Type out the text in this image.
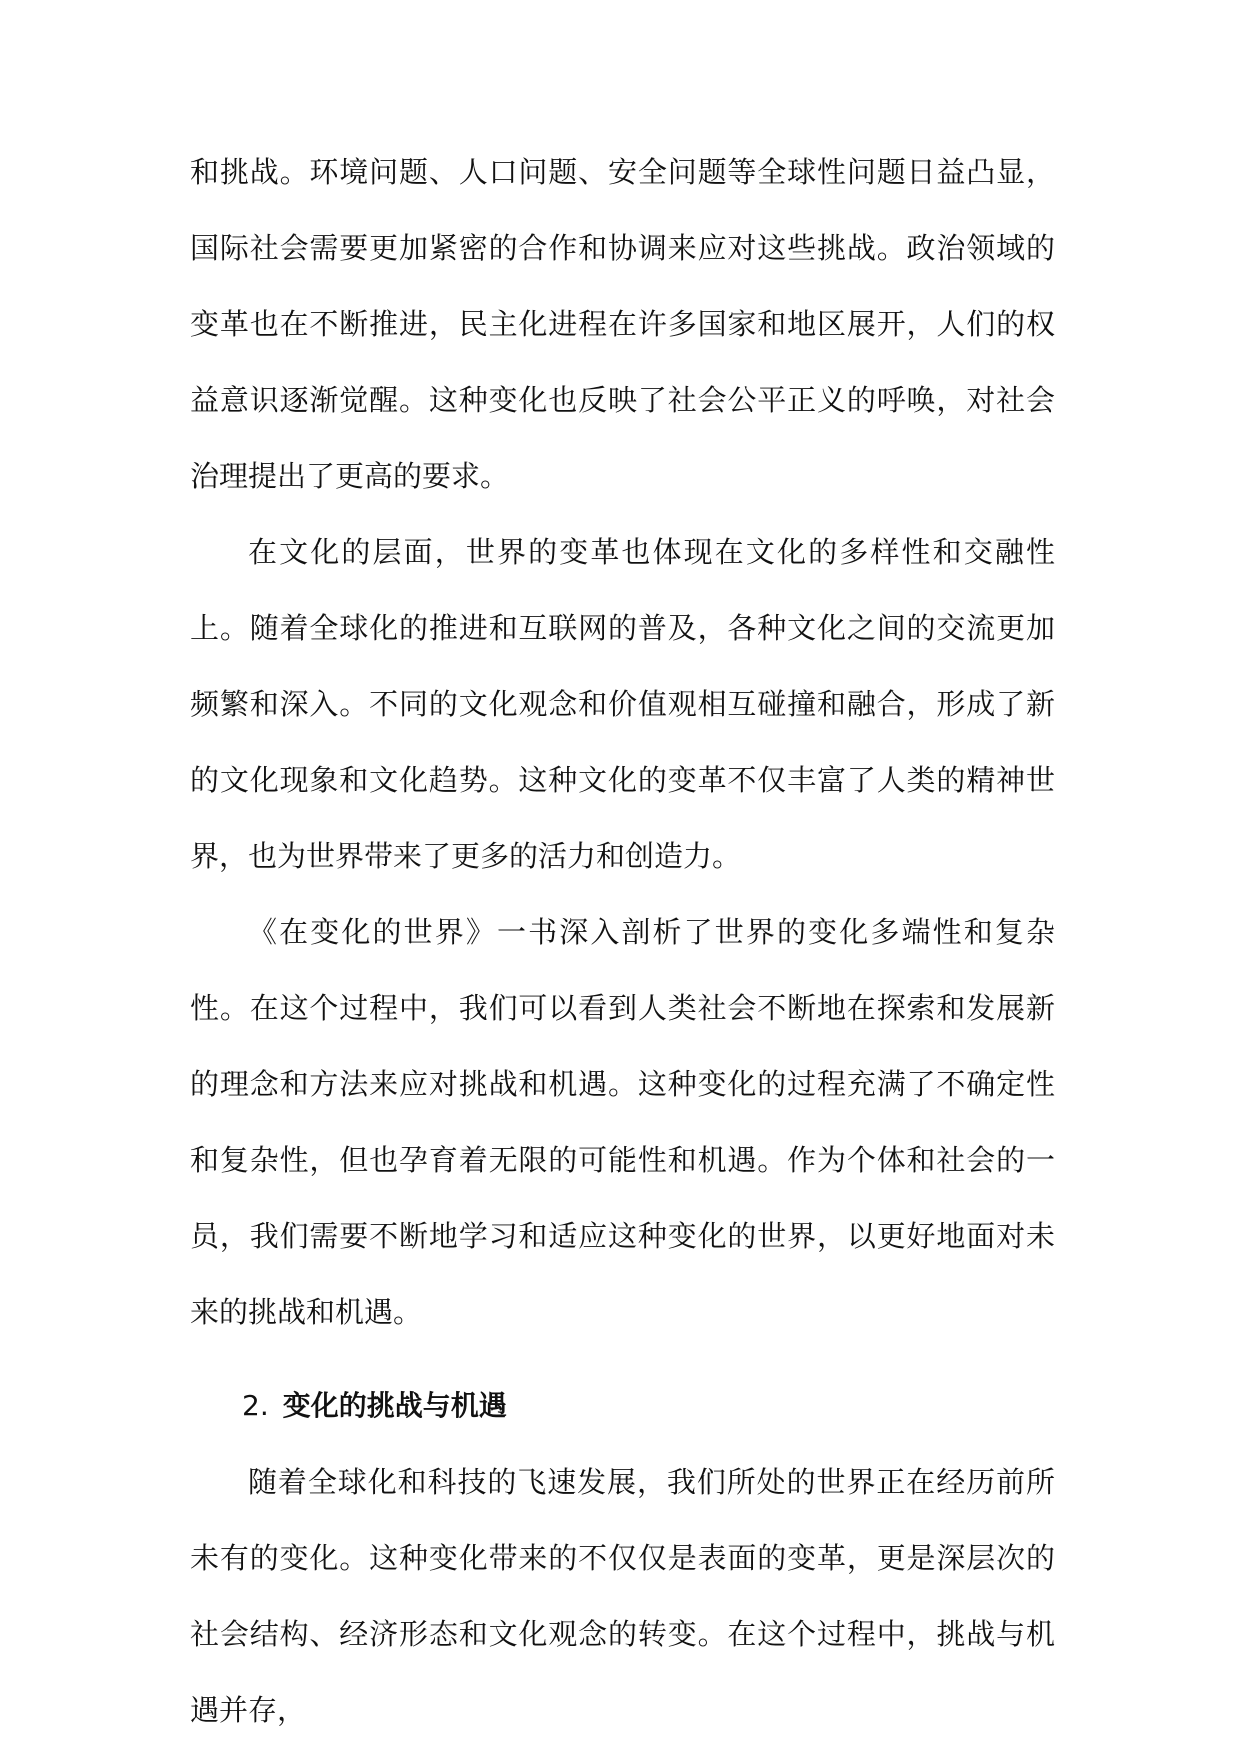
和挑战。环境问题、人口问题、安全问题等全球性问题日益凸显，国际社会需要更加紧密的合作和协调来应对这些挑战。政治领域的变革也在不断推进，民主化进程在许多国家和地区展开，人们的权益意识逐渐觉醒。这种变化也反映了社会公平正义的呼唤，对社会治理提出了更高的要求。

在文化的层面，世界的变革也体现在文化的多样性和交融性上。随着全球化的推进和互联网的普及，各种文化之间的交流更加频繁和深入。不同的文化观念和价值观相互碰撞和融合，形成了新的文化现象和文化趋势。这种文化的变革不仅丰富了人类的精神世界，也为世界带来了更多的活力和创造力。

《在变化的世界》一书深入剖析了世界的变化多端性和复杂性。在这个过程中，我们可以看到人类社会不断地在探索和发展新的理念和方法来应对挑战和机遇。这种变化的过程充满了不确定性和复杂性，但也孕育着无限的可能性和机遇。作为个体和社会的一员，我们需要不断地学习和适应这种变化的世界，以更好地面对未来的挑战和机遇。

2. 变化的挑战与机遇

随着全球化和科技的飞速发展，我们所处的世界正在经历前所未有的变化。这种变化带来的不仅仅是表面的变革，更是深层次的社会结构、经济形态和文化观念的转变。在这个过程中，挑战与机遇并存，
